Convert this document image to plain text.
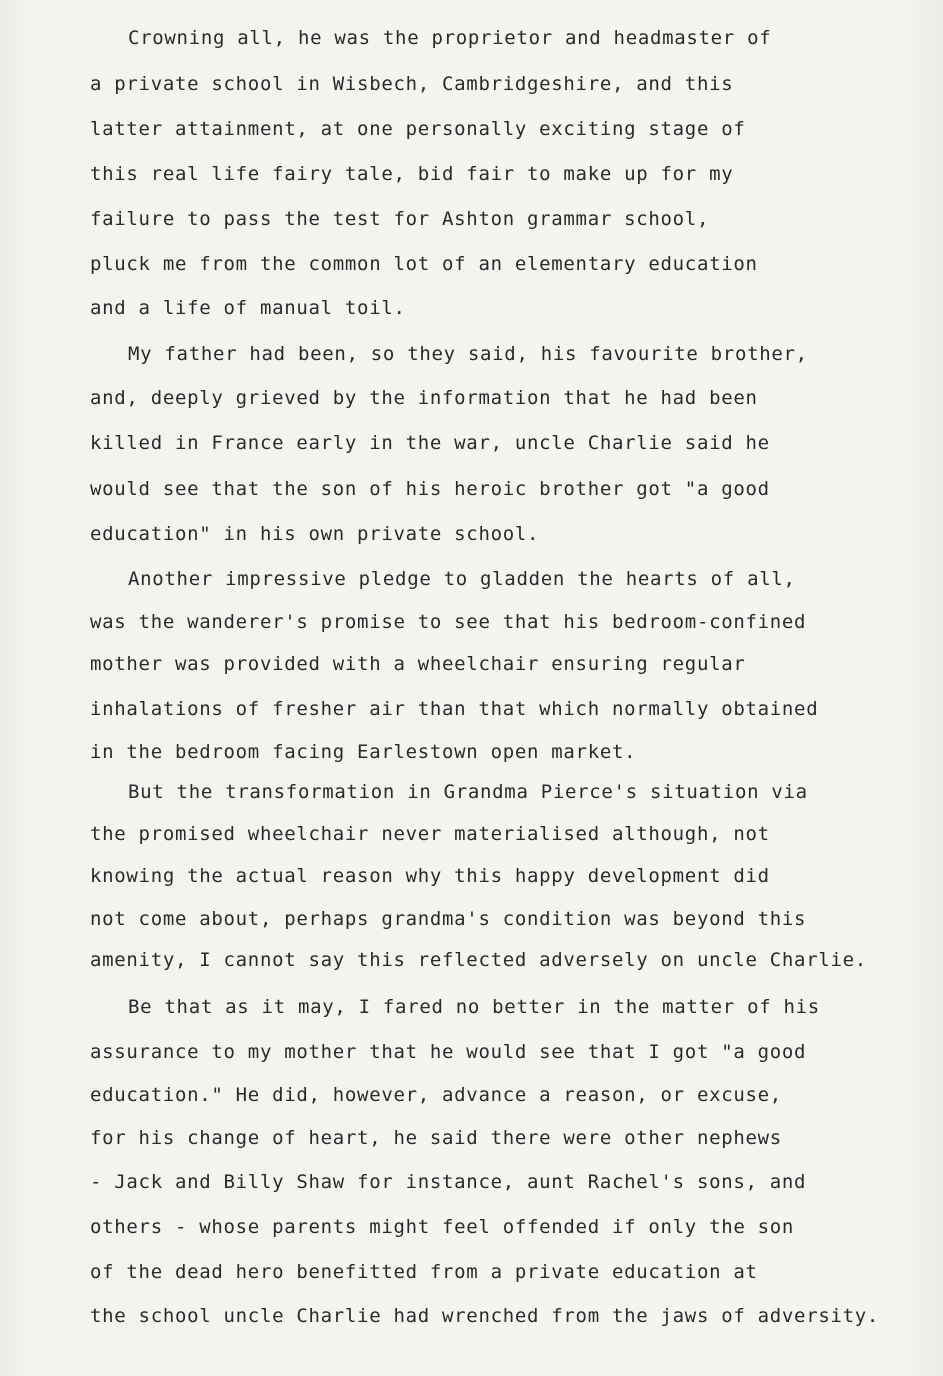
Crowning all, he was the proprietor and headmaster of

a private school in Wisbech, Cambridgeshire, and this

latter attainment, at one personally exciting stage of

this real life fairy tale, bid fair to make up for my

failure to pass the test for Ashton grammar school,

pluck me from the common lot of an elementary education

and a life of manual toil.

My father had been, so they said, his favourite brother,

and, deeply grieved by the information that he had been

killed in France early in the war, uncle Charlie said he

would see that the son of his heroic brother got "a good

education" in his own private school.

Another impressive pledge to gladden the hearts of all,

was the wanderer's promise to see that his bedroom-confined

mother was provided with a wheelchair ensuring regular

inhalations of fresher air than that which normally obtained

in the bedroom facing Earlestown open market.

But the transformation in Grandma Pierce's situation via

the promised wheelchair never materialised although, not

knowing the actual reason why this happy development did

not come about, perhaps grandma's condition was beyond this

amenity, I cannot say this reflected adversely on uncle Charlie.

Be that as it may, I fared no better in the matter of his

assurance to my mother that he would see that I got "a good

education." He did, however, advance a reason, or excuse,

for his change of heart, he said there were other nephews

- Jack and Billy Shaw for instance, aunt Rachel's sons, and

others - whose parents might feel offended if only the son

of the dead hero benefitted from a private education at

the school uncle Charlie had wrenched from the jaws of adversity.
